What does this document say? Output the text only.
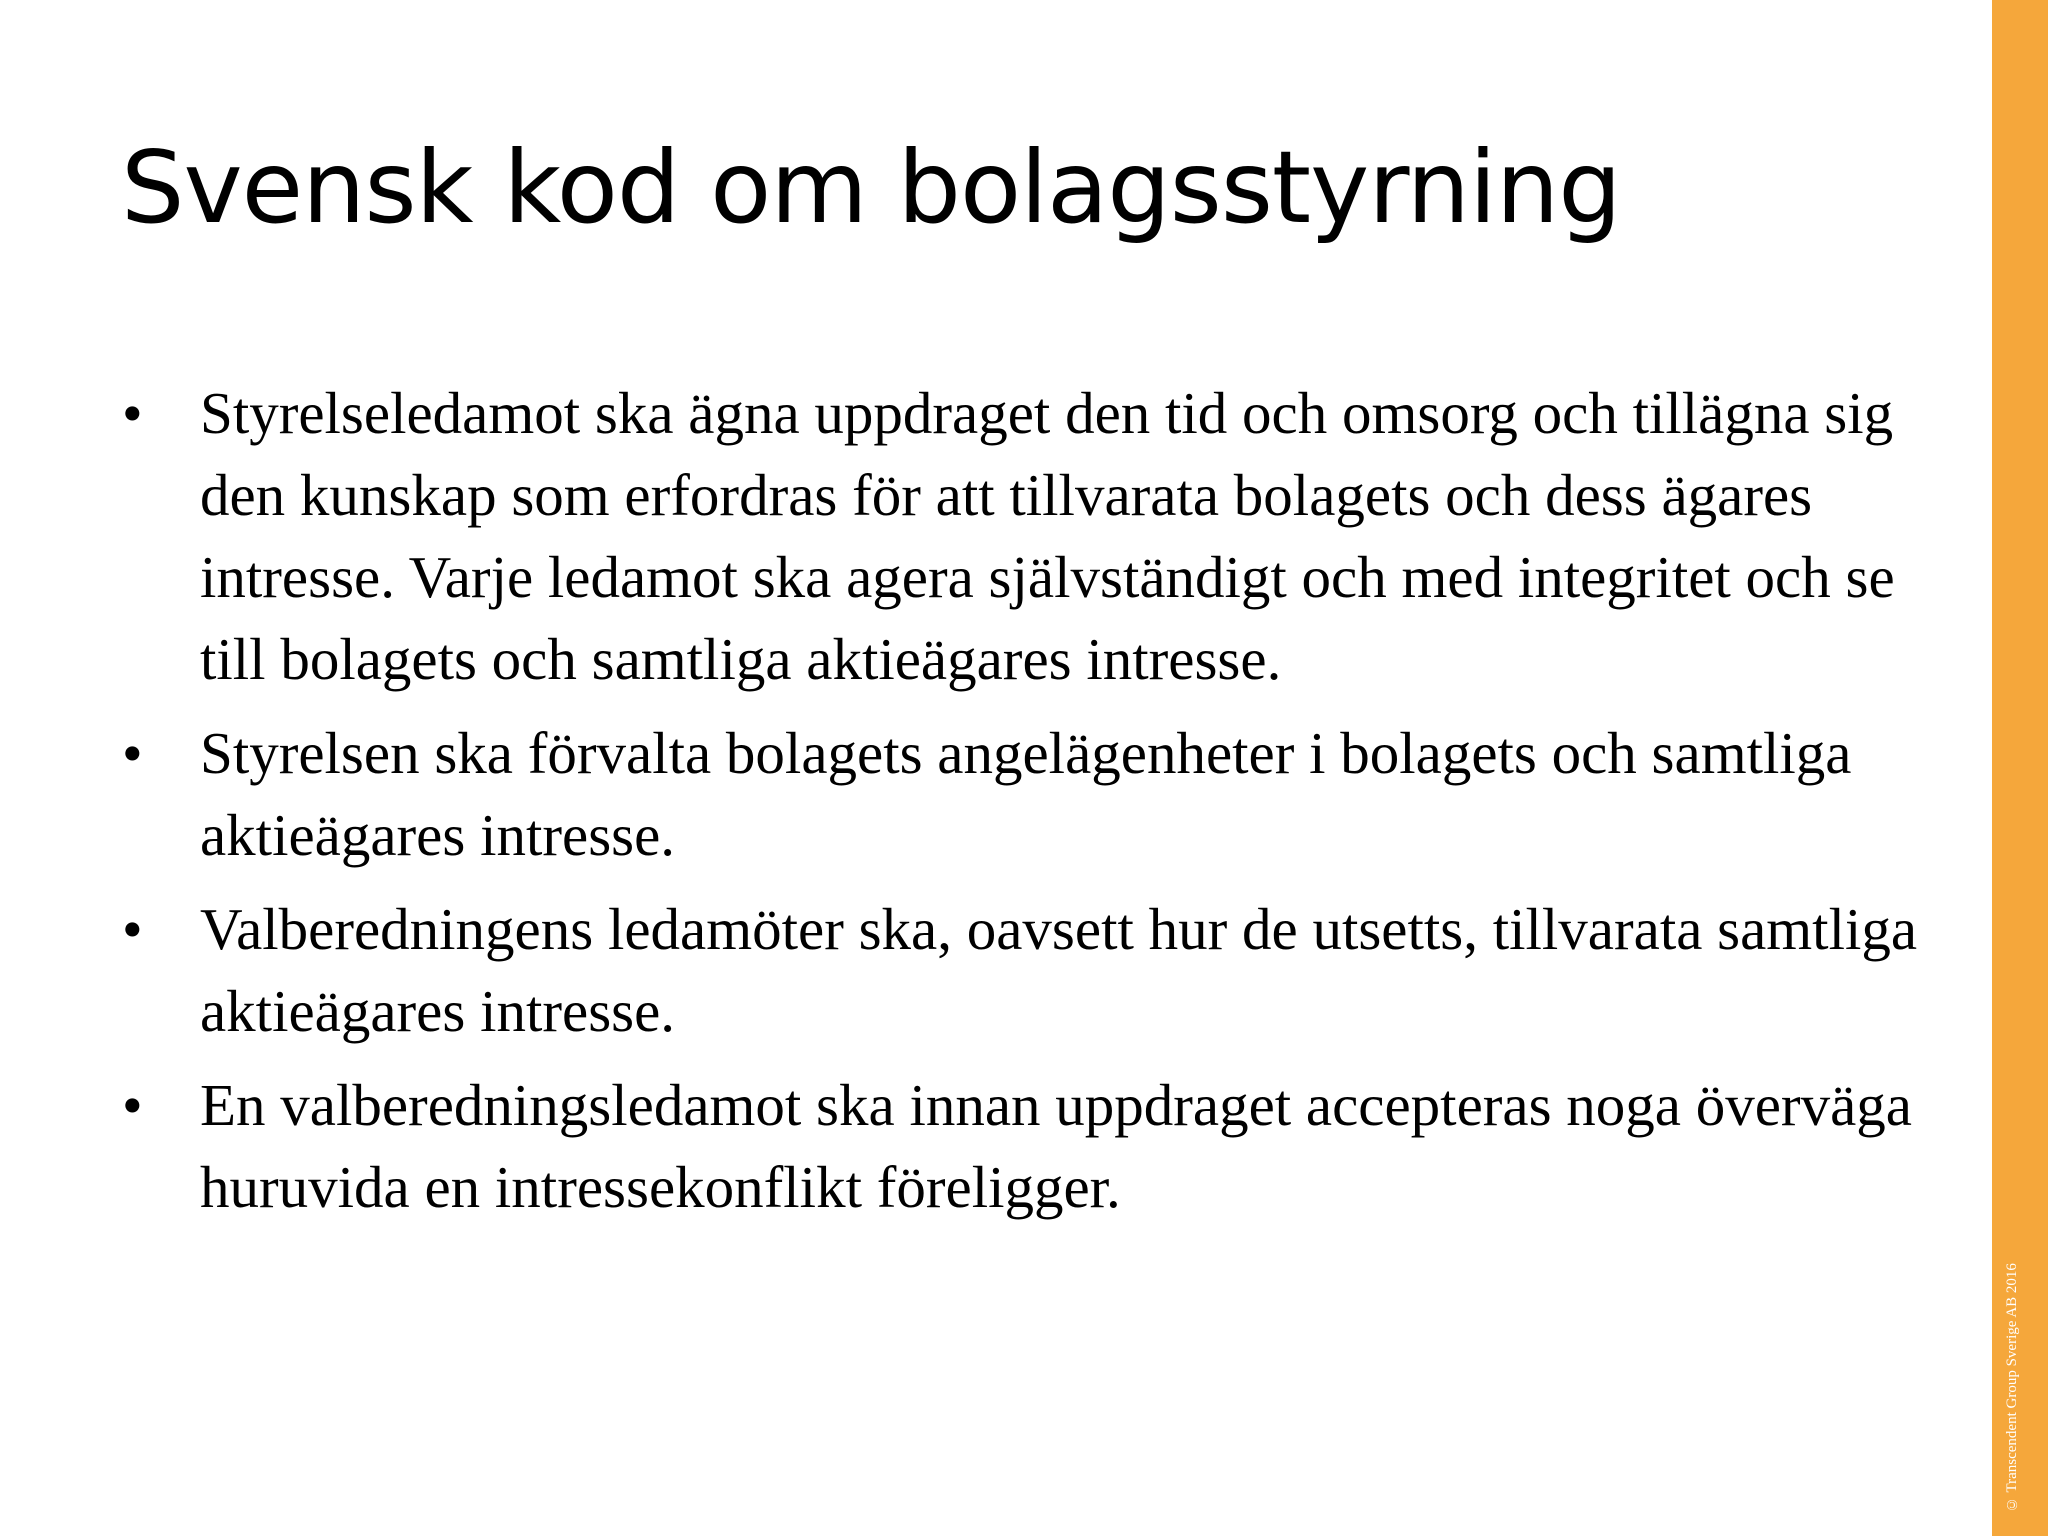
Svensk kod om bolagsstyrning
• Styrelseledamot ska ägna uppdraget den tid och omsorg och tillägna sig den kunskap som erfordras för att tillvarata bolagets och dess ägares intresse. Varje ledamot ska agera självständigt och med integritet och se till bolagets och samtliga aktieägares intresse.
• Styrelsen ska förvalta bolagets angelägenheter i bolagets och samtliga aktieägares intresse.
• Valberedningens ledamöter ska, oavsett hur de utsetts, tillvarata samtliga aktieägares intresse.
• En valberedningsledamot ska innan uppdraget accepteras noga överväga huruvida en intressekonflikt föreligger.
© Transcendent Group Sverige AB 2016
